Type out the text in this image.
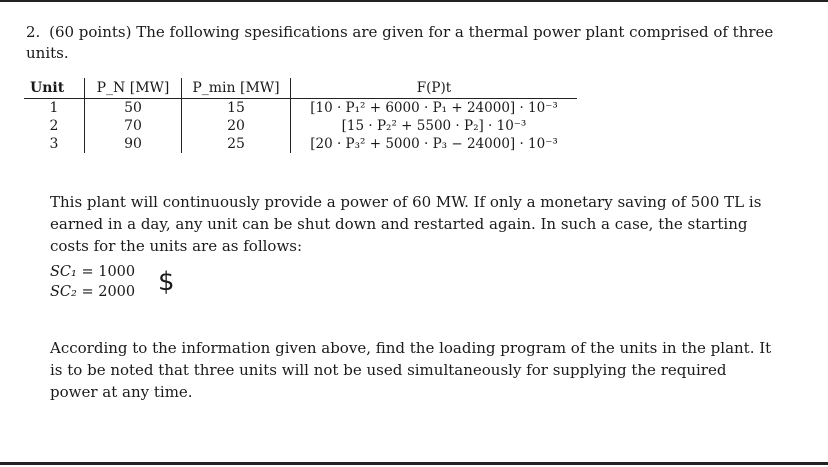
2. (60 points) The following spesifications are given for a thermal power plant comprised of three units.
Unit	P_N [MW]	P_min [MW]	F(P)t
1	50	15	[10 · P₁² + 6000 · P₁ + 24000] · 10⁻³
2	70	20	[15 · P₂² + 5500 · P₂] · 10⁻³
3	90	25	[20 · P₃² + 5000 · P₃ − 24000] · 10⁻³
This plant will continuously provide a power of 60 MW. If only a monetary saving of 500 TL is earned in a day, any unit can be shut down and restarted again. In such a case, the starting costs for the units are as follows:
SC₁ = 1000
SC₂ = 2000 $
According to the information given above, find the loading program of the units in the plant. It is to be noted that three units will not be used simultaneously for supplying the required power at any time.
